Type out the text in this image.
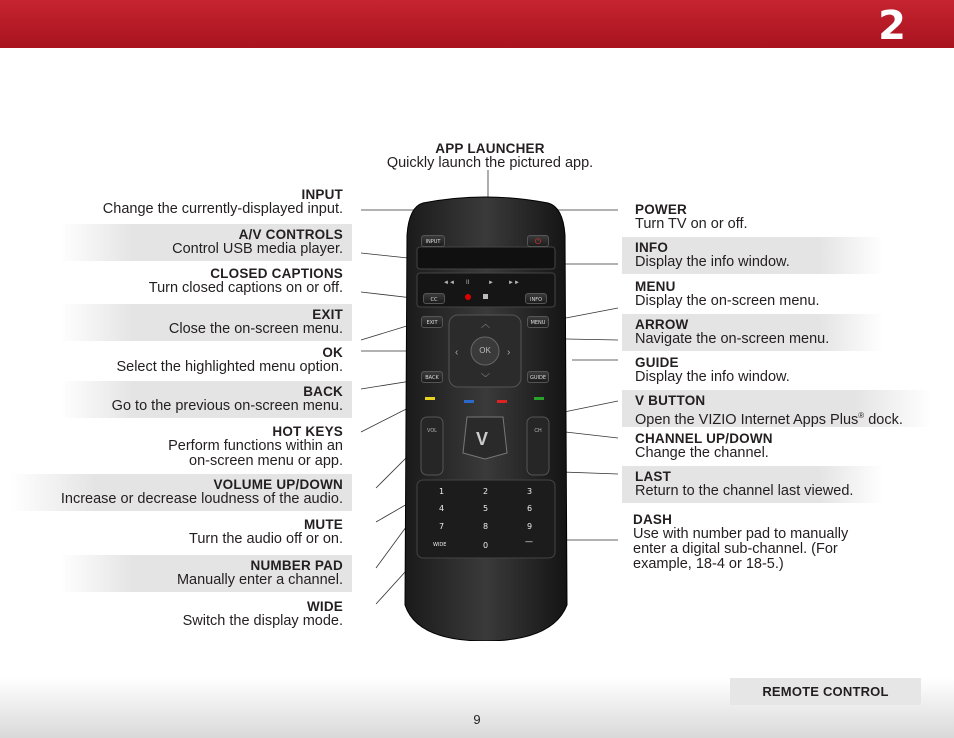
2
APP LAUNCHER
Quickly launch the pictured app.
INPUT
Change the currently-displayed input.
A/V CONTROLS
Control USB media player.
CLOSED CAPTIONS
Turn closed captions on or off.
EXIT
Close the on-screen menu.
OK
Select the highlighted menu option.
BACK
Go to the previous on-screen menu.
HOT KEYS
Perform functions within an
on-screen menu or app.
VOLUME UP/DOWN
Increase or decrease loudness of the audio.
MUTE
Turn the audio off or on.
NUMBER PAD
Manually enter a channel.
WIDE
Switch the display mode.
POWER
Turn TV on or off.
INFO
Display the info window.
MENU
Display the on-screen menu.
ARROW
Navigate the on-screen menu.
GUIDE
Display the info window.
V BUTTON
Open the VIZIO Internet Apps Plus® dock.
CHANNEL UP/DOWN
Change the channel.
LAST
Return to the channel last viewed.
DASH
Use with number pad to manually
enter a digital sub-channel. (For
example, 18-4 or 18-5.)
II	►
◄◄	►►
︿
﹀
‹	›
V
INPUT	⏻
CC	INFO
EXIT	MENU
OK
BACK	GUIDE
VOL	CH
1	2	3
4	5	6
7	8	9
WIDE	0	—
REMOTE CONTROL
9
